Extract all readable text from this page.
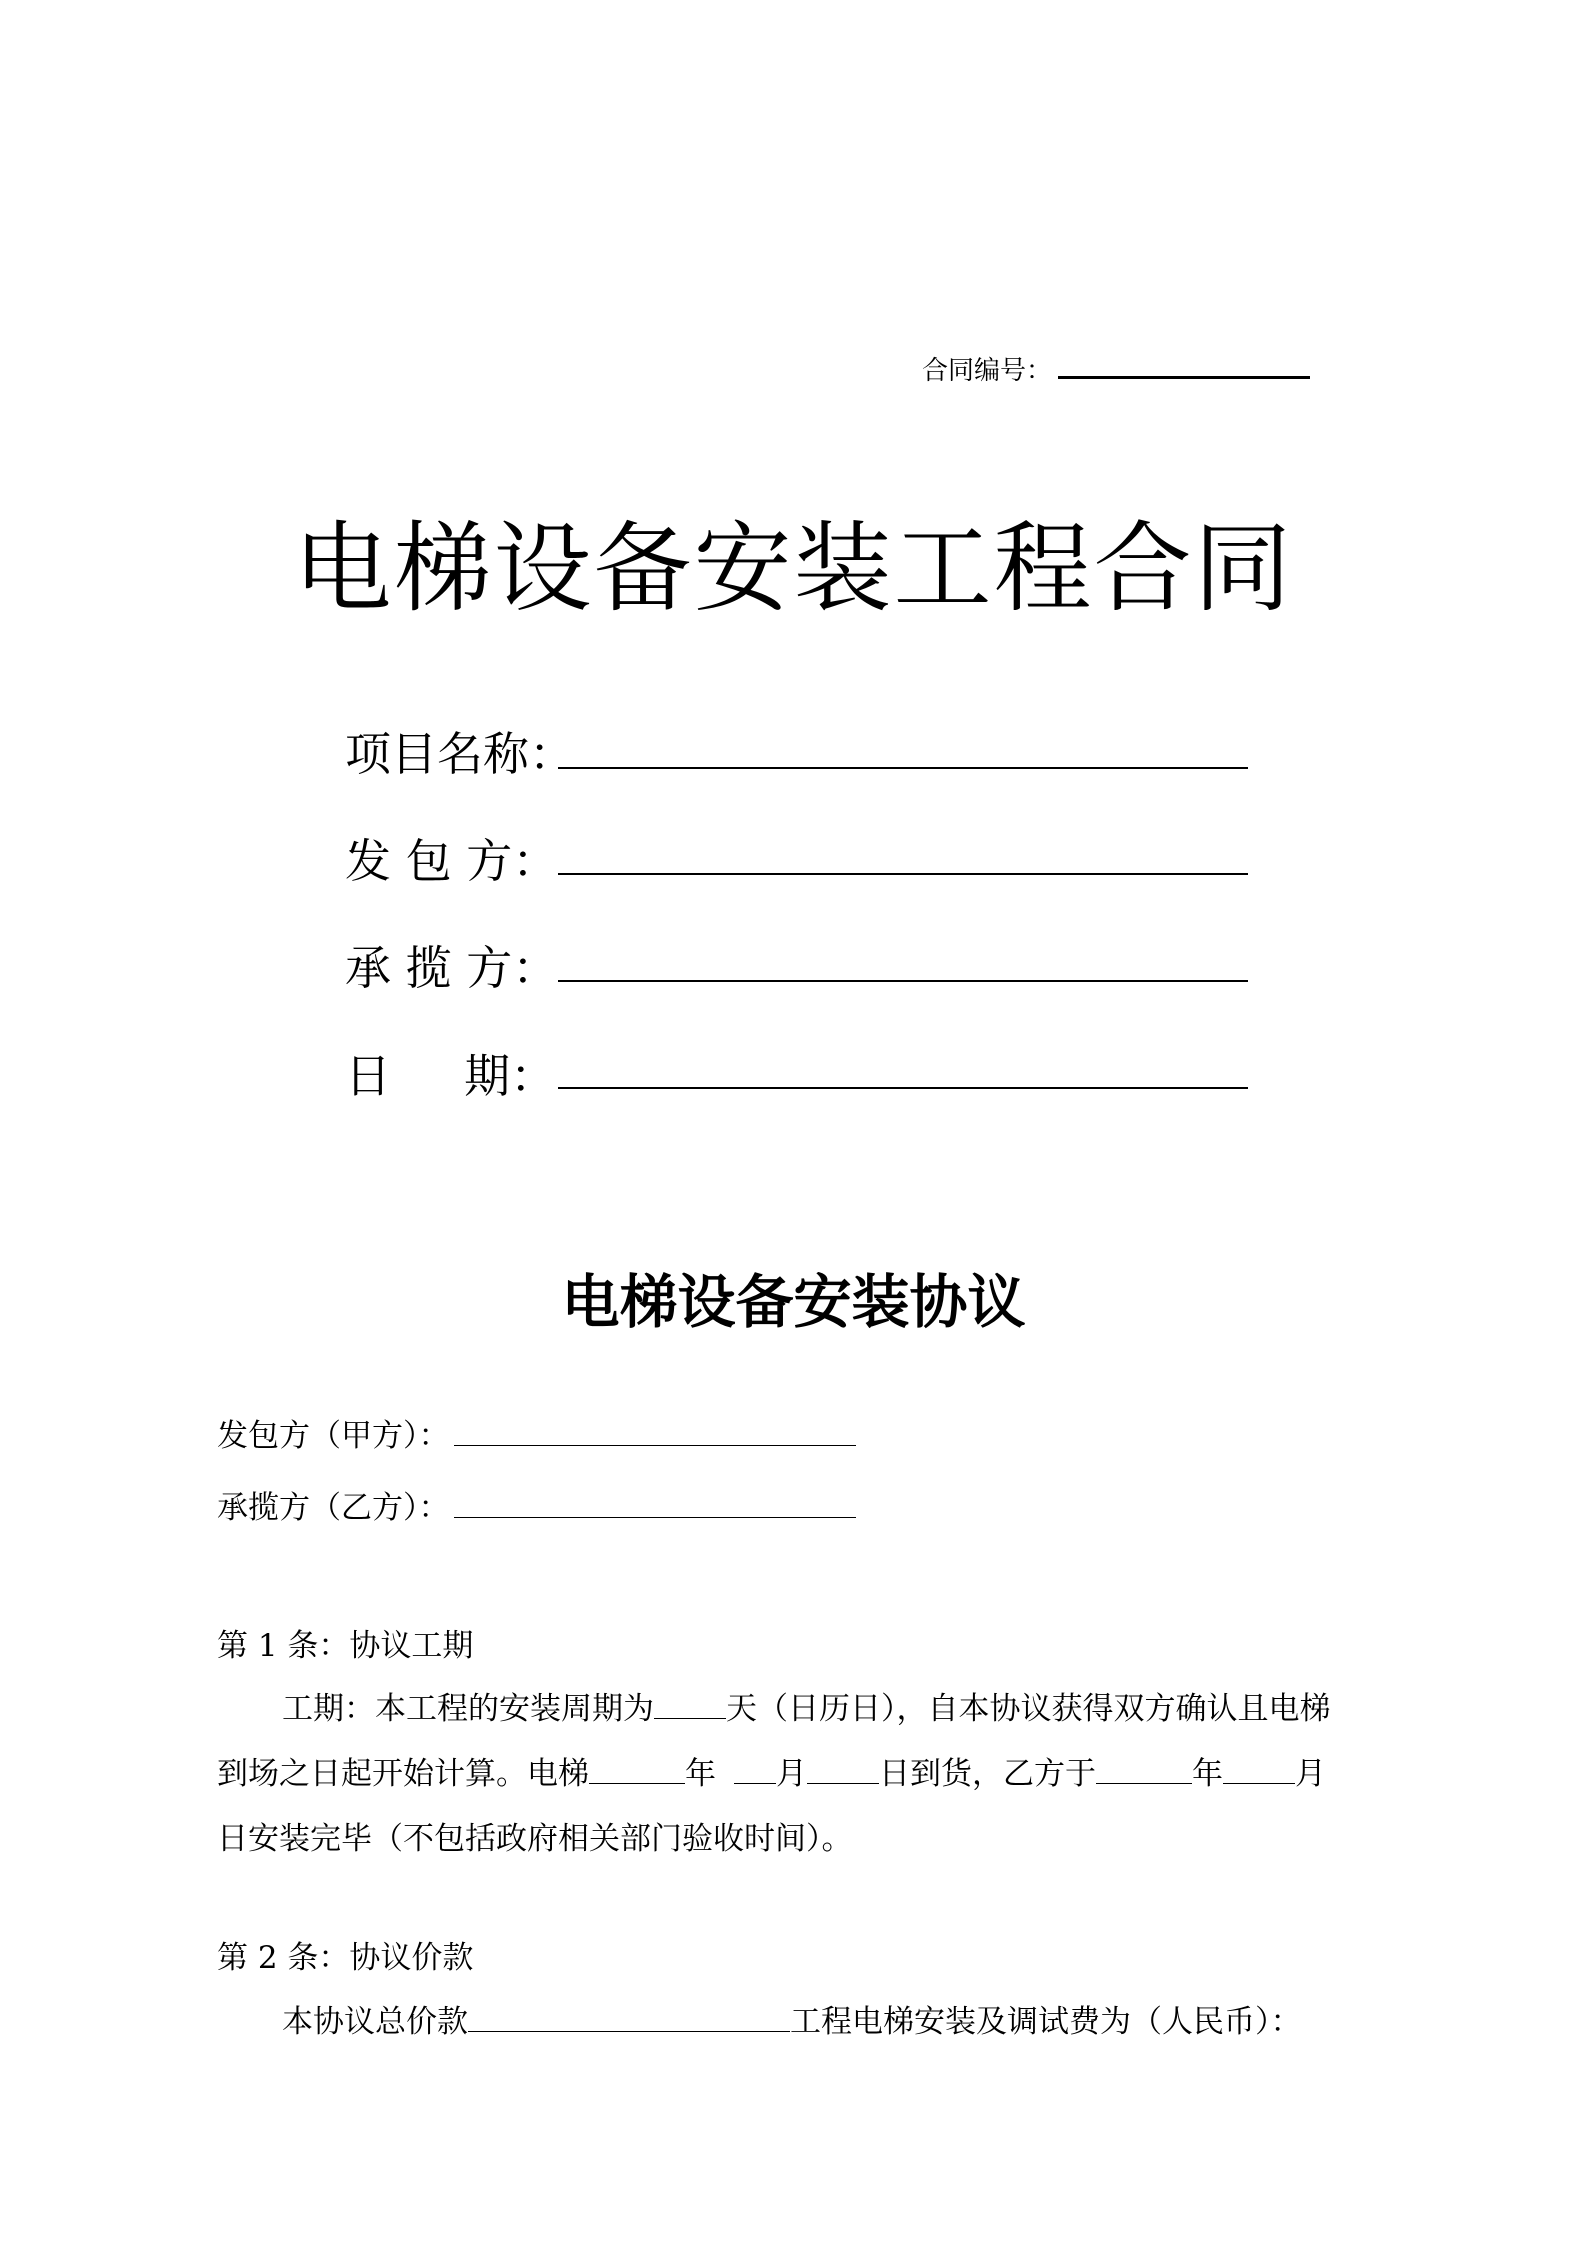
合同编号：
电梯设备安装工程合同
项目名称：
发 包 方：
承 揽 方：
日     期：
电梯设备安装协议
发包方（甲方）：
承揽方（乙方）：
第 1 条：协议工期
工期：本工程的安装周期为 天（日历日），自本协议获得双方确认且电梯
到场之日起开始计算。电梯	年 月 日到货，乙方于	年 月
日安装完毕（不包括政府相关部门验收时间）。
第 2 条：协议价款
本协议总价款	工程电梯安装及调试费为（人民币）：
